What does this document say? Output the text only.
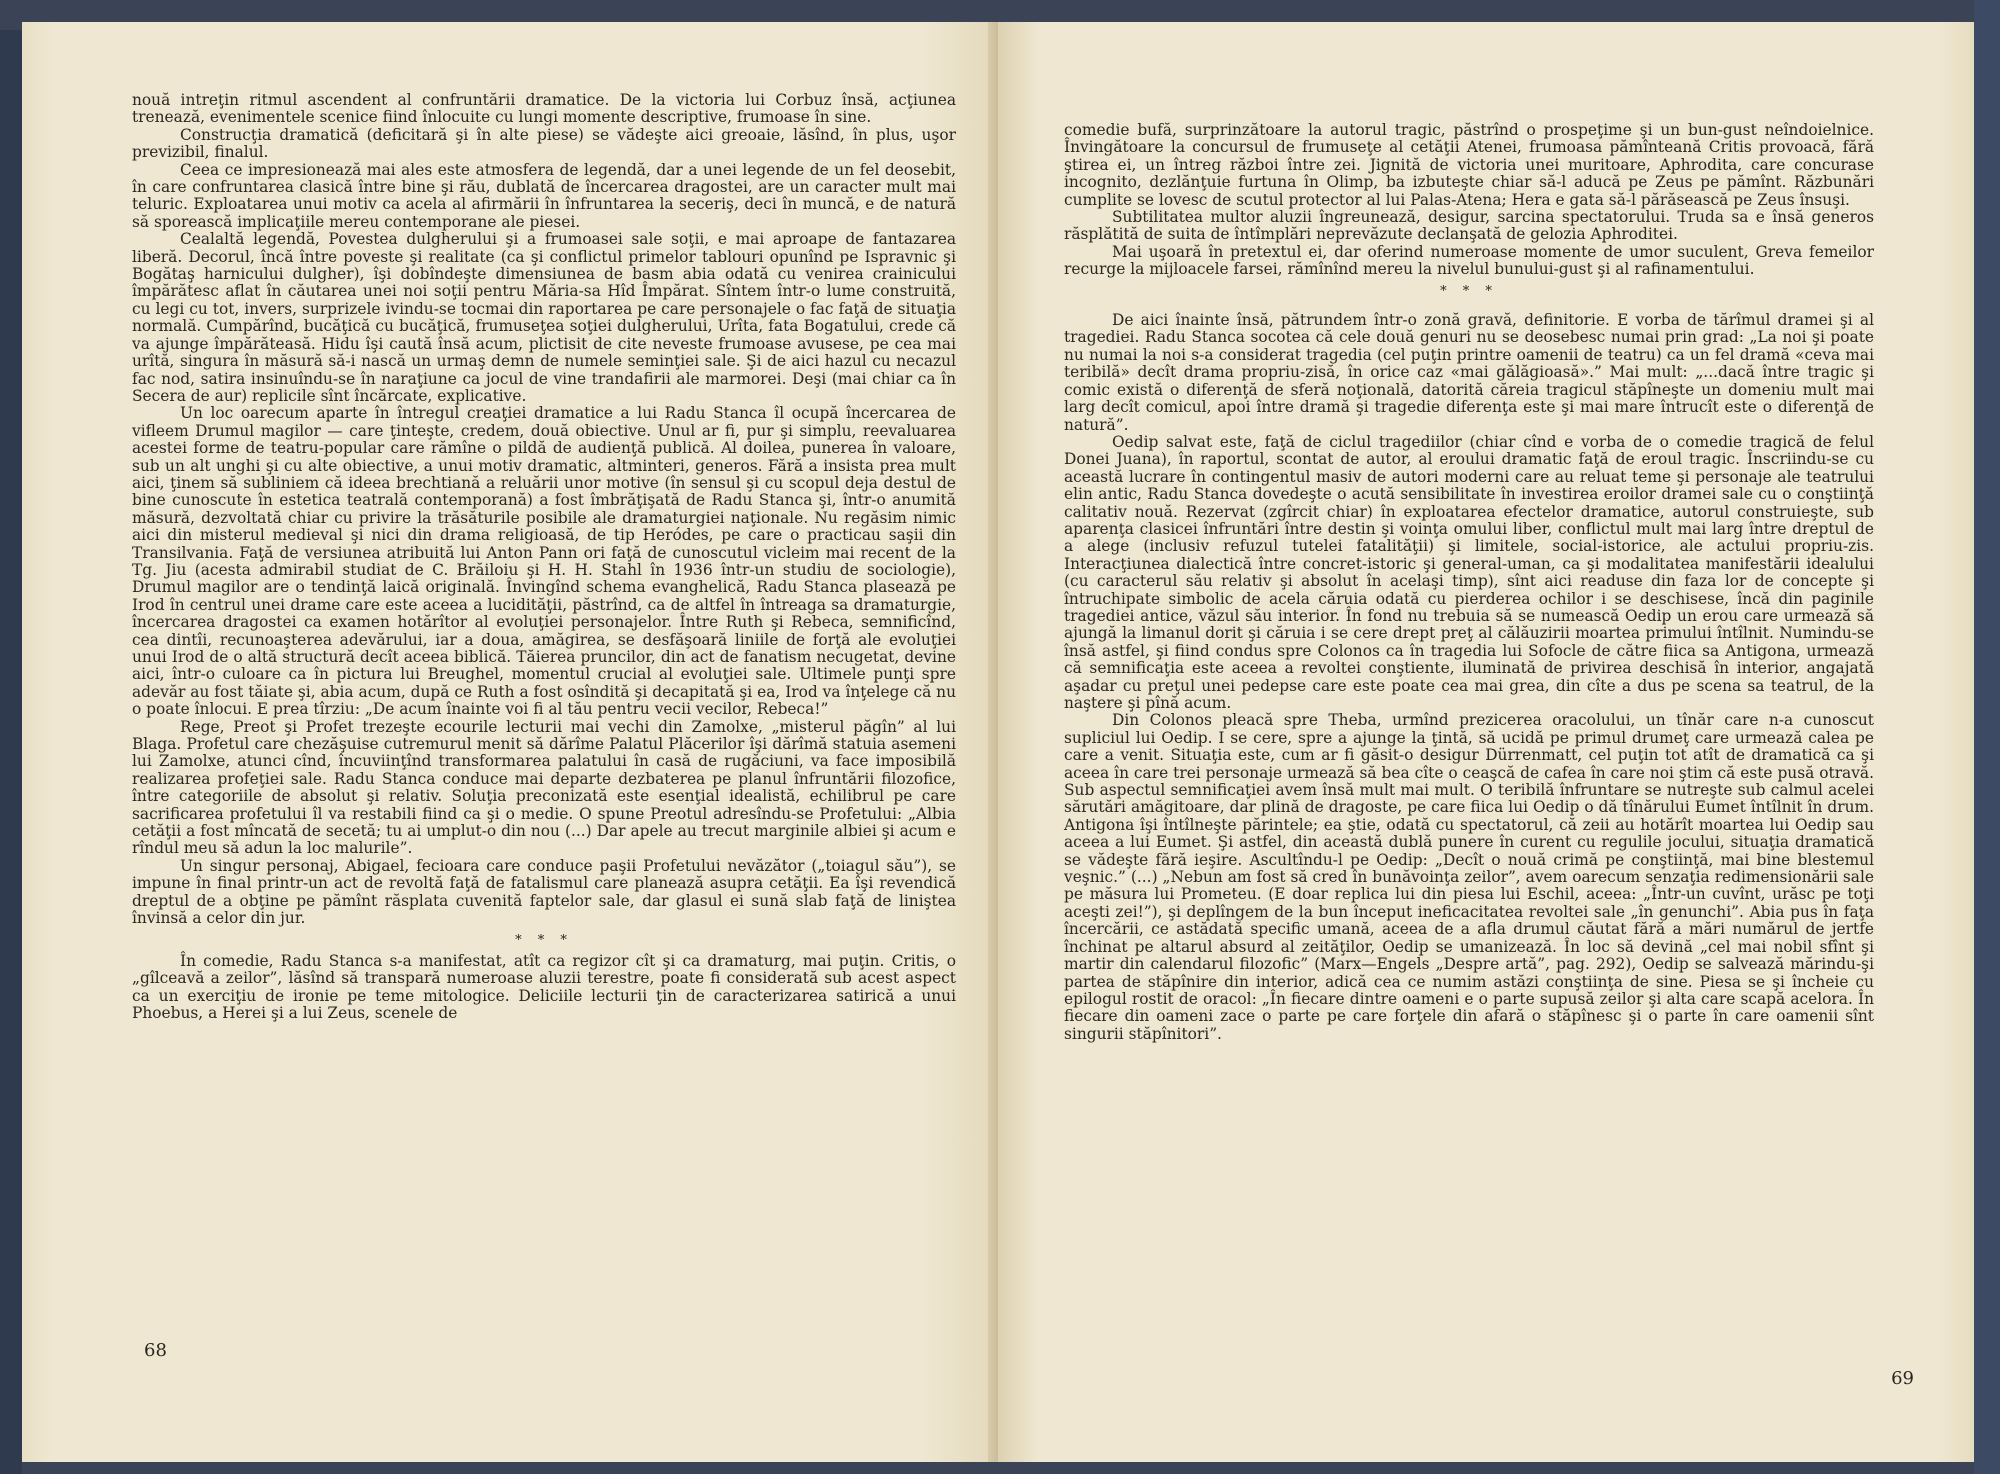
nouă intreţin ritmul ascendent al confruntării dramatice. De la victoria lui Corbuz însă, acţiunea trenează, evenimentele scenice fiind înlocuite cu lungi momente descriptive, frumoase în sine.

Construcţia dramatică (deficitară şi în alte piese) se vădeşte aici greoaie, lăsînd, în plus, uşor previzibil, finalul.

Ceea ce impresionează mai ales este atmosfera de legendă, dar a unei legende de un fel deosebit, în care confruntarea clasică între bine şi rău, dublată de încercarea dragostei, are un caracter mult mai teluric. Exploatarea unui motiv ca acela al afirmării în înfruntarea la seceriş, deci în muncă, e de natură să sporească implicaţiile mereu contemporane ale piesei.

Cealaltă legendă, Povestea dulgherului şi a frumoasei sale soţii, e mai aproape de fantazarea liberă. Decorul, încă între poveste şi realitate (ca şi conflictul primelor tablouri opunînd pe Ispravnic şi Bogătaş harnicului dulgher), îşi dobîndeşte dimensiunea de basm abia odată cu venirea crainicului împărătesc aflat în căutarea unei noi soţii pentru Măria-sa Hîd Împărat. Sîntem într-o lume construită, cu legi cu tot, invers, surprizele ivindu-se tocmai din raportarea pe care personajele o fac faţă de situaţia normală. Cumpărînd, bucăţică cu bucăţică, frumuseţea soţiei dulgherului, Urîta, fata Bogatului, crede că va ajunge împărăteasă. Hidu îşi caută însă acum, plictisit de cite neveste frumoase avusese, pe cea mai urîtă, singura în măsură să-i nască un urmaş demn de numele seminţiei sale. Şi de aici hazul cu necazul fac nod, satira insinuîndu-se în naraţiune ca jocul de vine trandafirii ale marmorei. Deşi (mai chiar ca în Secera de aur) replicile sînt încărcate, explicative.

Un loc oarecum aparte în întregul creaţiei dramatice a lui Radu Stanca îl ocupă încercarea de vifleem Drumul magilor — care ţinteşte, credem, două obiective. Unul ar fi, pur şi simplu, reevaluarea acestei forme de teatru-popular care rămîne o pildă de audienţă publică. Al doilea, punerea în valoare, sub un alt unghi şi cu alte obiective, a unui motiv dramatic, altminteri, generos. Fără a insista prea mult aici, ţinem să subliniem că ideea brechtiană a reluării unor motive (în sensul şi cu scopul deja destul de bine cunoscute în estetica teatrală contemporană) a fost îmbrăţişată de Radu Stanca şi, într-o anumită măsură, dezvoltată chiar cu privire la trăsăturile posibile ale dramaturgiei naţionale. Nu regăsim nimic aici din misterul medieval şi nici din drama religioasă, de tip Heródes, pe care o practicau saşii din Transilvania. Faţă de versiunea atribuită lui Anton Pann ori faţă de cunoscutul vicleim mai recent de la Tg. Jiu (acesta admirabil studiat de C. Brăiloiu şi H. H. Stahl în 1936 într-un studiu de sociologie), Drumul magilor are o tendinţă laică originală. Învingînd schema evanghelică, Radu Stanca plasează pe Irod în centrul unei drame care este aceea a lucidităţii, păstrînd, ca de altfel în întreaga sa dramaturgie, încercarea dragostei ca examen hotărîtor al evoluţiei personajelor. Între Ruth şi Rebeca, semnificînd, cea dintîi, recunoaşterea adevărului, iar a doua, amăgirea, se desfăşoară liniile de forţă ale evoluţiei unui Irod de o altă structură decît aceea biblică. Tăierea pruncilor, din act de fanatism necugetat, devine aici, într-o culoare ca în pictura lui Breughel, momentul crucial al evoluţiei sale. Ultimele punţi spre adevăr au fost tăiate şi, abia acum, după ce Ruth a fost osîndită şi decapitată şi ea, Irod va înţelege că nu o poate înlocui. E prea tîrziu: „De acum înainte voi fi al tău pentru vecii vecilor, Rebeca!”

Rege, Preot şi Profet trezeşte ecourile lecturii mai vechi din Zamolxe, „misterul păgîn” al lui Blaga. Profetul care chezăşuise cutremurul menit să dărîme Palatul Plăcerilor îşi dărîmă statuia asemeni lui Zamolxe, atunci cînd, încuviinţînd transformarea palatului în casă de rugăciuni, va face imposibilă realizarea profeţiei sale. Radu Stanca conduce mai departe dezbaterea pe planul înfruntării filozofice, între categoriile de absolut şi relativ. Soluţia preconizată este esenţial idealistă, echilibrul pe care sacrificarea profetului îl va restabili fiind ca şi o medie. O spune Preotul adresîndu-se Profetului: „Albia cetăţii a fost mîncată de secetă; tu ai umplut-o din nou (...) Dar apele au trecut marginile albiei şi acum e rîndul meu să adun la loc malurile”.

Un singur personaj, Abigael, fecioara care conduce paşii Profetului nevăzător („toiagul său”), se impune în final printr-un act de revoltă faţă de fatalismul care planează asupra cetăţii. Ea îşi revendică dreptul de a obţine pe pămînt răsplata cuvenită faptelor sale, dar glasul ei sună slab faţă de liniştea învinsă a celor din jur.

* * *

În comedie, Radu Stanca s-a manifestat, atît ca regizor cît şi ca dramaturg, mai puţin. Critis, o „gîlceavă a zeilor”, lăsînd să transpară numeroase aluzii terestre, poate fi considerată sub acest aspect ca un exerciţiu de ironie pe teme mitologice. Deliciile lecturii ţin de caracterizarea satirică a unui Phoebus, a Herei şi a lui Zeus, scenele de

68

comedie bufă, surprinzătoare la autorul tragic, păstrînd o prospeţime şi un bun-gust neîndoielnice. Învingătoare la concursul de frumuseţe al cetăţii Atenei, frumoasa pămînteană Critis provoacă, fără ştirea ei, un întreg război între zei. Jignită de victoria unei muritoare, Aphrodita, care concurase incognito, dezlănţuie furtuna în Olimp, ba izbuteşte chiar să-l aducă pe Zeus pe pămînt. Răzbunări cumplite se lovesc de scutul protector al lui Palas-Atena; Hera e gata să-l părăsească pe Zeus însuşi.

Subtilitatea multor aluzii îngreunează, desigur, sarcina spectatorului. Truda sa e însă generos răsplătită de suita de întîmplări neprevăzute declanşată de gelozia Aphroditei.

Mai uşoară în pretextul ei, dar oferind numeroase momente de umor suculent, Greva femeilor recurge la mijloacele farsei, rămînînd mereu la nivelul bunului-gust şi al rafinamentului.

* * *

De aici înainte însă, pătrundem într-o zonă gravă, definitorie. E vorba de tărîmul dramei şi al tragediei. Radu Stanca socotea că cele două genuri nu se deosebesc numai prin grad: „La noi şi poate nu numai la noi s-a considerat tragedia (cel puţin printre oamenii de teatru) ca un fel dramă «ceva mai teribilă» decît drama propriu-zisă, în orice caz «mai gălăgioasă».” Mai mult: „...dacă între tragic şi comic există o diferenţă de sferă noţională, datorită căreia tragicul stăpîneşte un domeniu mult mai larg decît comicul, apoi între dramă şi tragedie diferenţa este şi mai mare întrucît este o diferenţă de natură”.

Oedip salvat este, faţă de ciclul tragediilor (chiar cînd e vorba de o comedie tragică de felul Donei Juana), în raportul, scontat de autor, al eroului dramatic faţă de eroul tragic. Înscriindu-se cu această lucrare în contingentul masiv de autori moderni care au reluat teme şi personaje ale teatrului elin antic, Radu Stanca dovedeşte o acută sensibilitate în investirea eroilor dramei sale cu o conştiinţă calitativ nouă. Rezervat (zgîrcit chiar) în exploatarea efectelor dramatice, autorul construieşte, sub aparenţa clasicei înfruntări între destin şi voinţa omului liber, conflictul mult mai larg între dreptul de a alege (inclusiv refuzul tutelei fatalităţii) şi limitele, social-istorice, ale actului propriu-zis. Interacţiunea dialectică între concret-istoric şi general-uman, ca şi modalitatea manifestării idealului (cu caracterul său relativ şi absolut în acelaşi timp), sînt aici readuse din faza lor de concepte şi întruchipate simbolic de acela căruia odată cu pierderea ochilor i se deschisese, încă din paginile tragediei antice, văzul său interior. În fond nu trebuia să se numească Oedip un erou care urmează să ajungă la limanul dorit şi căruia i se cere drept preţ al călăuzirii moartea primului întîlnit. Numindu-se însă astfel, şi fiind condus spre Colonos ca în tragedia lui Sofocle de către fiica sa Antigona, urmează că semnificaţia este aceea a revoltei conştiente, iluminată de privirea deschisă în interior, angajată aşadar cu preţul unei pedepse care este poate cea mai grea, din cîte a dus pe scena sa teatrul, de la naştere şi pînă acum.

Din Colonos pleacă spre Theba, urmînd prezicerea oracolului, un tînăr care n-a cunoscut supliciul lui Oedip. I se cere, spre a ajunge la ţintă, să ucidă pe primul drumeţ care urmează calea pe care a venit. Situaţia este, cum ar fi găsit-o desigur Dürrenmatt, cel puţin tot atît de dramatică ca şi aceea în care trei personaje urmează să bea cîte o ceaşcă de cafea în care noi ştim că este pusă otravă. Sub aspectul semnificaţiei avem însă mult mai mult. O teribilă înfruntare se nutreşte sub calmul acelei sărutări amăgitoare, dar plină de dragoste, pe care fiica lui Oedip o dă tînărului Eumet întîlnit în drum. Antigona îşi întîlneşte părintele; ea ştie, odată cu spectatorul, că zeii au hotărît moartea lui Oedip sau aceea a lui Eumet. Şi astfel, din această dublă punere în curent cu regulile jocului, situaţia dramatică se vădeşte fără ieşire. Ascultîndu-l pe Oedip: „Decît o nouă crimă pe conştiinţă, mai bine blestemul veşnic.” (...) „Nebun am fost să cred în bunăvoinţa zeilor”, avem oarecum senzaţia redimensionării sale pe măsura lui Prometeu. (E doar replica lui din piesa lui Eschil, aceea: „Într-un cuvînt, urăsc pe toţi aceşti zei!”), şi deplîngem de la bun început ineficacitatea revoltei sale „în genunchi”. Abia pus în faţa încercării, ce astădată specific umană, aceea de a afla drumul căutat fără a mări numărul de jertfe închinat pe altarul absurd al zeităţilor, Oedip se umanizează. În loc să devină „cel mai nobil sfînt şi martir din calendarul filozofic” (Marx—Engels „Despre artă”, pag. 292), Oedip se salvează mărindu-şi partea de stăpînire din interior, adică cea ce numim astăzi conştiinţa de sine. Piesa se şi încheie cu epilogul rostit de oracol: „În fiecare dintre oameni e o parte supusă zeilor şi alta care scapă acelora. În fiecare din oameni zace o parte pe care forţele din afară o stăpînesc şi o parte în care oamenii sînt singurii stăpînitori”.

69
